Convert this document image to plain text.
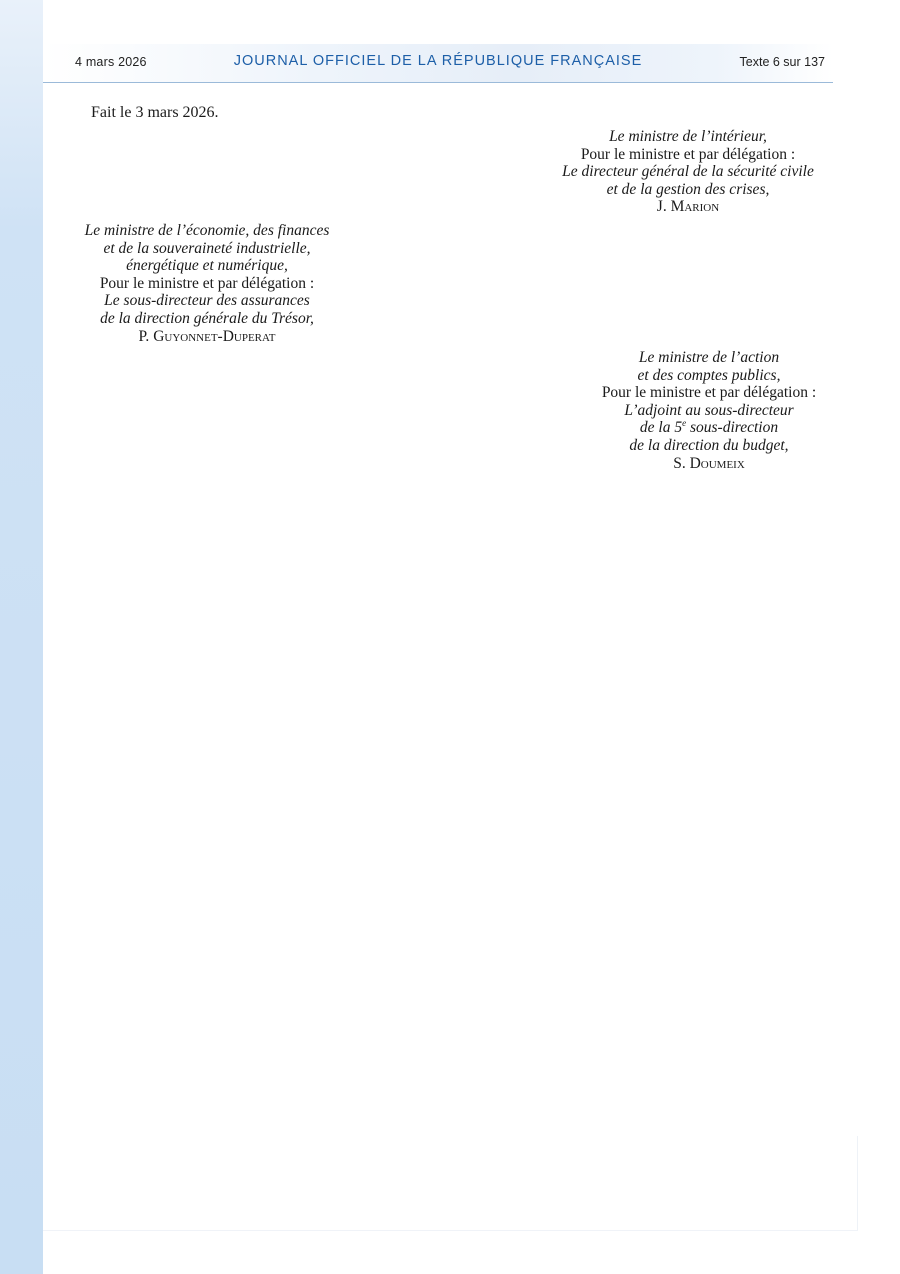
4 mars 2026	JOURNAL OFFICIEL DE LA RÉPUBLIQUE FRANÇAISE	Texte 6 sur 137
Fait le 3 mars 2026.
Le ministre de l’intérieur,
Pour le ministre et par délégation :
Le directeur général de la sécurité civile
et de la gestion des crises,
J. Marion
Le ministre de l’économie, des finances
et de la souveraineté industrielle,
énergétique et numérique,
Pour le ministre et par délégation :
Le sous-directeur des assurances
de la direction générale du Trésor,
P. Guyonnet-Duperat
Le ministre de l’action
et des comptes publics,
Pour le ministre et par délégation :
L’adjoint au sous-directeur
de la 5e sous-direction
de la direction du budget,
S. Doumeix
